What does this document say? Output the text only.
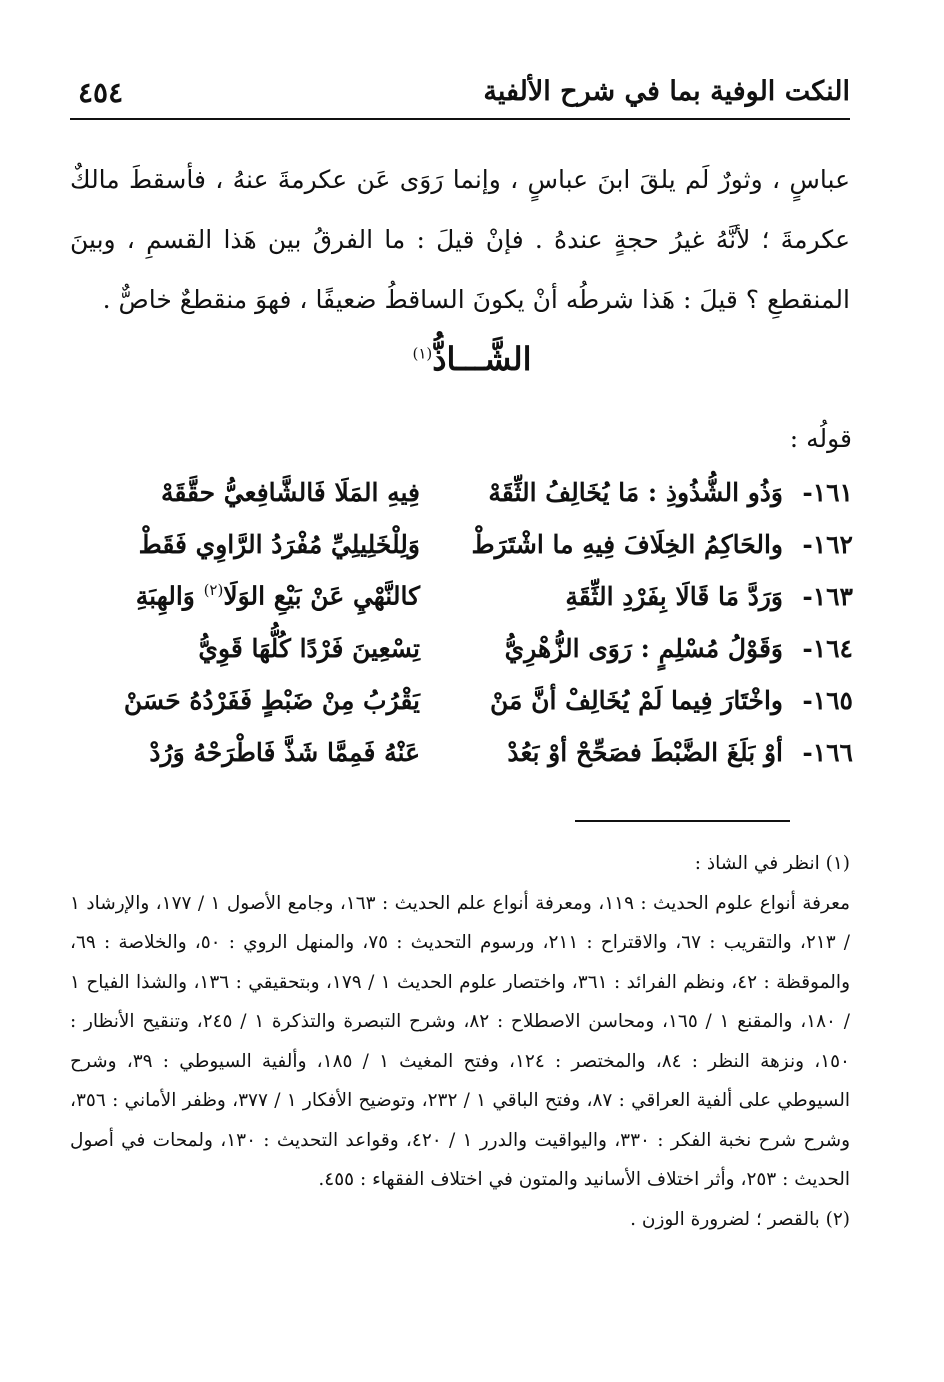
النكت الوفية بما في شرح الألفية
٤٥٤

عباسٍ ، وثورٌ لَم يلقَ ابنَ عباسٍ ، وإنما رَوَى عَن عكرمةَ عنهُ ، فأسقطَ مالكٌ عكرمةَ ؛ لأنَّهُ غيرُ حجةٍ عندهُ . فإنْ قيلَ : ما الفرقُ بين هَذا القسمِ ، وبينَ المنقطعِ ؟ قيلَ : هَذا شرطُه أنْ يكونَ الساقطُ ضعيفًا ، فهوَ منقطعٌ خاصٌّ .

الشَّـــاذُّ$^{(١)}$
قولُه :
١٦١-
وَذُو الشُّذُوذِ : مَا يُخَالِفُ الثِّقَهْ
فِيهِ المَلَا فَالشَّافِعيُّ حقَّقَهْ
١٦٢-
والحَاكِمُ الخِلَافَ فِيهِ ما اشْتَرَطْ
وَلِلْخَلِيلِيِّ مُفْرَدُ الرَّاوِي فَقَطْ
١٦٣-
وَرَدَّ مَا قَالَا بِفَرْدِ الثِّقَةِ
كالنَّهْيِ عَنْ بَيْعِ الوَلَا$^{(٢)}$ وَالهِبَةِ
١٦٤-
وَقَوْلُ مُسْلِمٍ : رَوَى الزُّهْرِيُّ
تِسْعِينَ فَرْدًا كُلُّهَا قَوِيُّ
١٦٥-
واخْتَارَ فِيما لَمْ يُخَالِفْ أنَّ مَنْ
يَقْرُبُ مِنْ ضَبْطٍ فَفَرْدُهُ حَسَنْ
١٦٦-
أوْ بَلَغَ الضَّبْطَ فصَحِّحْ أوْ بَعُدْ
عَنْهُ فَمِمَّا شَذَّ فَاطْرَحْهُ وَرُدْ

(١) انظر في الشاذ :

معرفة أنواع علوم الحديث : ١١٩، ومعرفة أنواع علم الحديث : ١٦٣، وجامع الأصول ١ / ١٧٧، والإرشاد ١ / ٢١٣، والتقريب : ٦٧، والاقتراح : ٢١١، ورسوم التحديث : ٧٥، والمنهل الروي : ٥٠، والخلاصة : ٦٩، والموقظة : ٤٢، ونظم الفرائد : ٣٦١، واختصار علوم الحديث ١ / ١٧٩، وبتحقيقي : ١٣٦، والشذا الفياح ١ / ١٨٠، والمقنع ١ / ١٦٥، ومحاسن الاصطلاح : ٨٢، وشرح التبصرة والتذكرة ١ / ٢٤٥، وتنقيح الأنظار : ١٥٠، ونزهة النظر : ٨٤، والمختصر : ١٢٤، وفتح المغيث ١ / ١٨٥، وألفية السيوطي : ٣٩، وشرح السيوطي على ألفية العراقي : ٨٧، وفتح الباقي ١ / ٢٣٢، وتوضيح الأفكار ١ / ٣٧٧، وظفر الأماني : ٣٥٦، وشرح شرح نخبة الفكر : ٣٣٠، واليواقيت والدرر ١ / ٤٢٠، وقواعد التحديث : ١٣٠، ولمحات في أصول الحديث : ٢٥٣، وأثر اختلاف الأسانيد والمتون في اختلاف الفقهاء : ٤٥٥.

(٢) بالقصر ؛ لضرورة الوزن .
